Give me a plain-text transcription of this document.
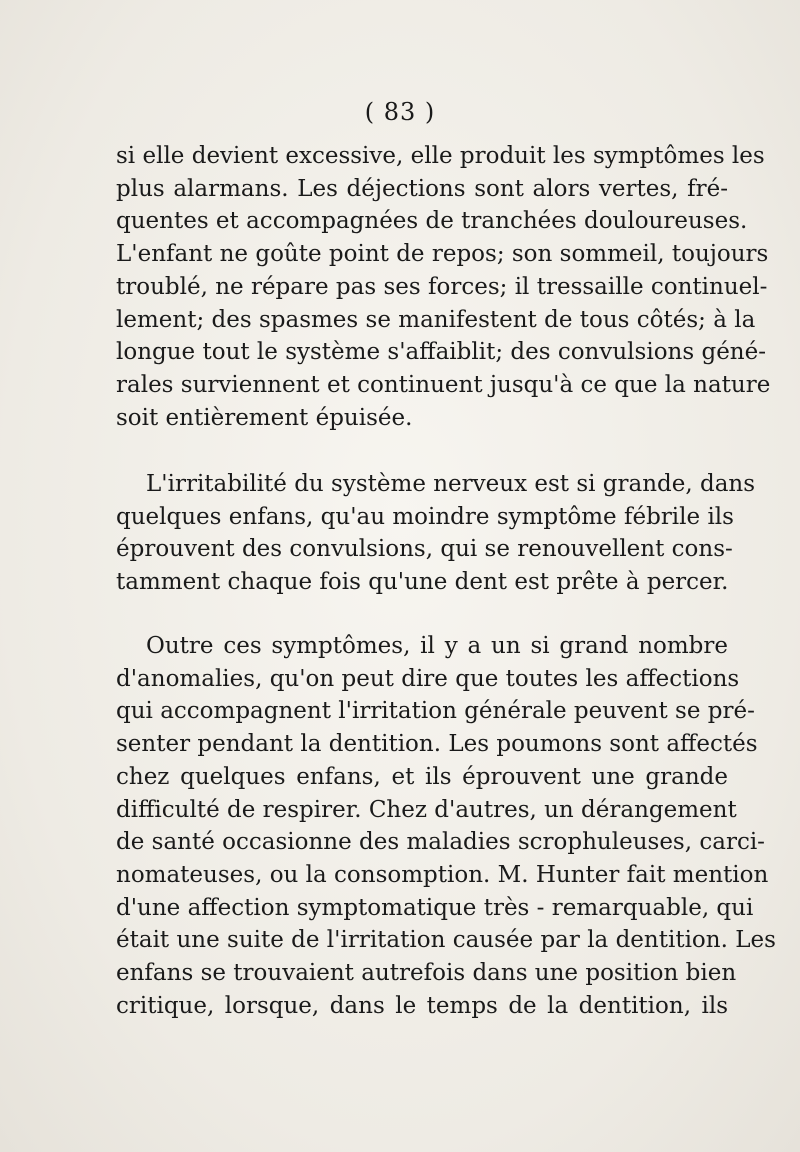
( 83 )
si elle devient excessive, elle produit les symptômes les
plus alarmans. Les déjections sont alors vertes, fré-
quentes et accompagnées de tranchées douloureuses.
L'enfant ne goûte point de repos; son sommeil, toujours
troublé, ne répare pas ses forces; il tressaille continuel-
lement; des spasmes se manifestent de tous côtés; à la
longue tout le système s'affaiblit; des convulsions géné-
rales surviennent et continuent jusqu'à ce que la nature
soit entièrement épuisée.
L'irritabilité du système nerveux est si grande, dans
quelques enfans, qu'au moindre symptôme fébrile ils
éprouvent des convulsions, qui se renouvellent cons-
tamment chaque fois qu'une dent est prête à percer.
Outre ces symptômes, il y a un si grand nombre
d'anomalies, qu'on peut dire que toutes les affections
qui accompagnent l'irritation générale peuvent se pré-
senter pendant la dentition. Les poumons sont affectés
chez quelques enfans, et ils éprouvent une grande
difficulté de respirer. Chez d'autres, un dérangement
de santé occasionne des maladies scrophuleuses, carci-
nomateuses, ou la consomption. M. Hunter fait mention
d'une affection symptomatique très - remarquable, qui
était une suite de l'irritation causée par la dentition. Les
enfans se trouvaient autrefois dans une position bien
critique, lorsque, dans le temps de la dentition, ils
